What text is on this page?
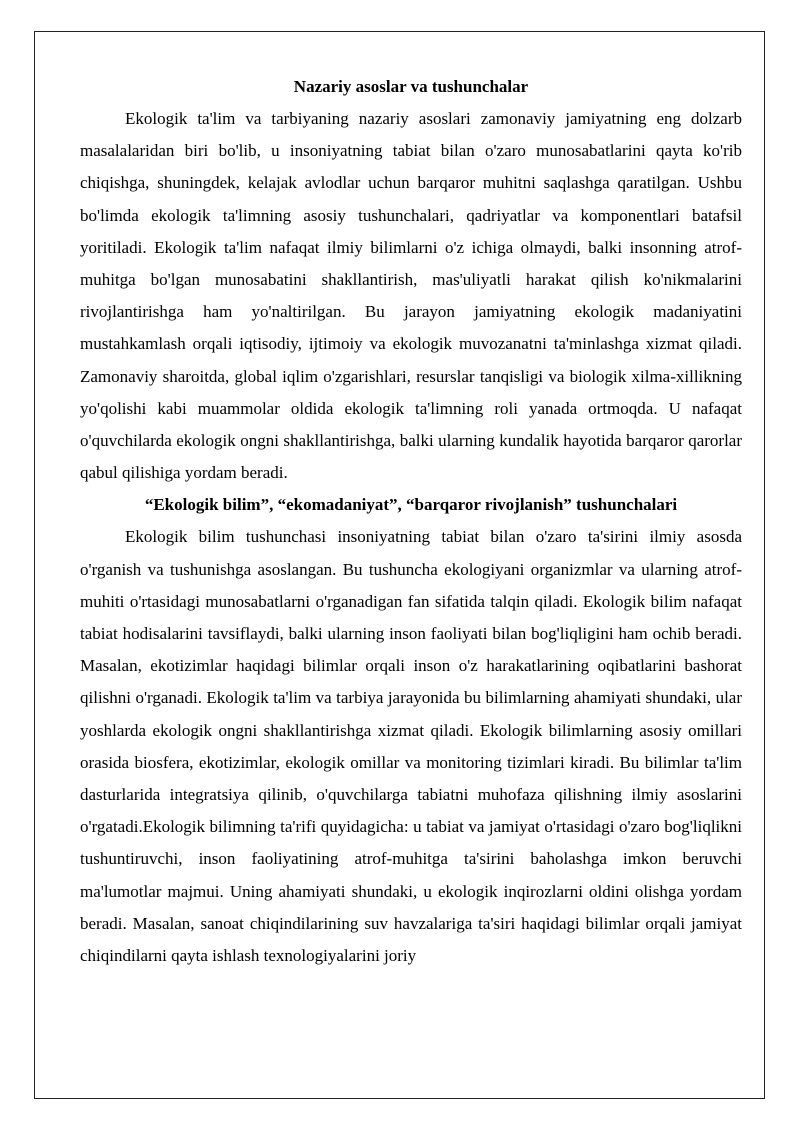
Nazariy asoslar va tushunchalar

Ekologik ta'lim va tarbiyaning nazariy asoslari zamonaviy jamiyatning eng dolzarb masalalaridan biri bo'lib, u insoniyatning tabiat bilan o'zaro munosabatlarini qayta ko'rib chiqishga, shuningdek, kelajak avlodlar uchun barqaror muhitni saqlashga qaratilgan. Ushbu bo'limda ekologik ta'limning asosiy tushunchalari, qadriyatlar va komponentlari batafsil yoritiladi. Ekologik ta'lim nafaqat ilmiy bilimlarni o'z ichiga olmaydi, balki insonning atrof-muhitga bo'lgan munosabatini shakllantirish, mas'uliyatli harakat qilish ko'nikmalarini rivojlantirishga ham yo'naltirilgan. Bu jarayon jamiyatning ekologik madaniyatini mustahkamlash orqali iqtisodiy, ijtimoiy va ekologik muvozanatni ta'minlashga xizmat qiladi. Zamonaviy sharoitda, global iqlim o'zgarishlari, resurslar tanqisligi va biologik xilma-xillikning yo'qolishi kabi muammolar oldida ekologik ta'limning roli yanada ortmoqda. U nafaqat o'quvchilarda ekologik ongni shakllantirishga, balki ularning kundalik hayotida barqaror qarorlar qabul qilishiga yordam beradi.

“Ekologik bilim”, “ekomadaniyat”, “barqaror rivojlanish” tushunchalari

Ekologik bilim tushunchasi insoniyatning tabiat bilan o'zaro ta'sirini ilmiy asosda o'rganish va tushunishga asoslangan. Bu tushuncha ekologiyani organizmlar va ularning atrof-muhiti o'rtasidagi munosabatlarni o'rganadigan fan sifatida talqin qiladi. Ekologik bilim nafaqat tabiat hodisalarini tavsiflaydi, balki ularning inson faoliyati bilan bog'liqligini ham ochib beradi. Masalan, ekotizimlar haqidagi bilimlar orqali inson o'z harakatlarining oqibatlarini bashorat qilishni o'rganadi. Ekologik ta'lim va tarbiya jarayonida bu bilimlarning ahamiyati shundaki, ular yoshlarda ekologik ongni shakllantirishga xizmat qiladi. Ekologik bilimlarning asosiy omillari orasida biosfera, ekotizimlar, ekologik omillar va monitoring tizimlari kiradi. Bu bilimlar ta'lim dasturlarida integratsiya qilinib, o'quvchilarga tabiatni muhofaza qilishning ilmiy asoslarini o'rgatadi.Ekologik bilimning ta'rifi quyidagicha: u tabiat va jamiyat o'rtasidagi o'zaro bog'liqlikni tushuntiruvchi, inson faoliyatining atrof-muhitga ta'sirini baholashga imkon beruvchi ma'lumotlar majmui. Uning ahamiyati shundaki, u ekologik inqirozlarni oldini olishga yordam beradi. Masalan, sanoat chiqindilarining suv havzalariga ta'siri haqidagi bilimlar orqali jamiyat chiqindilarni qayta ishlash texnologiyalarini joriy
